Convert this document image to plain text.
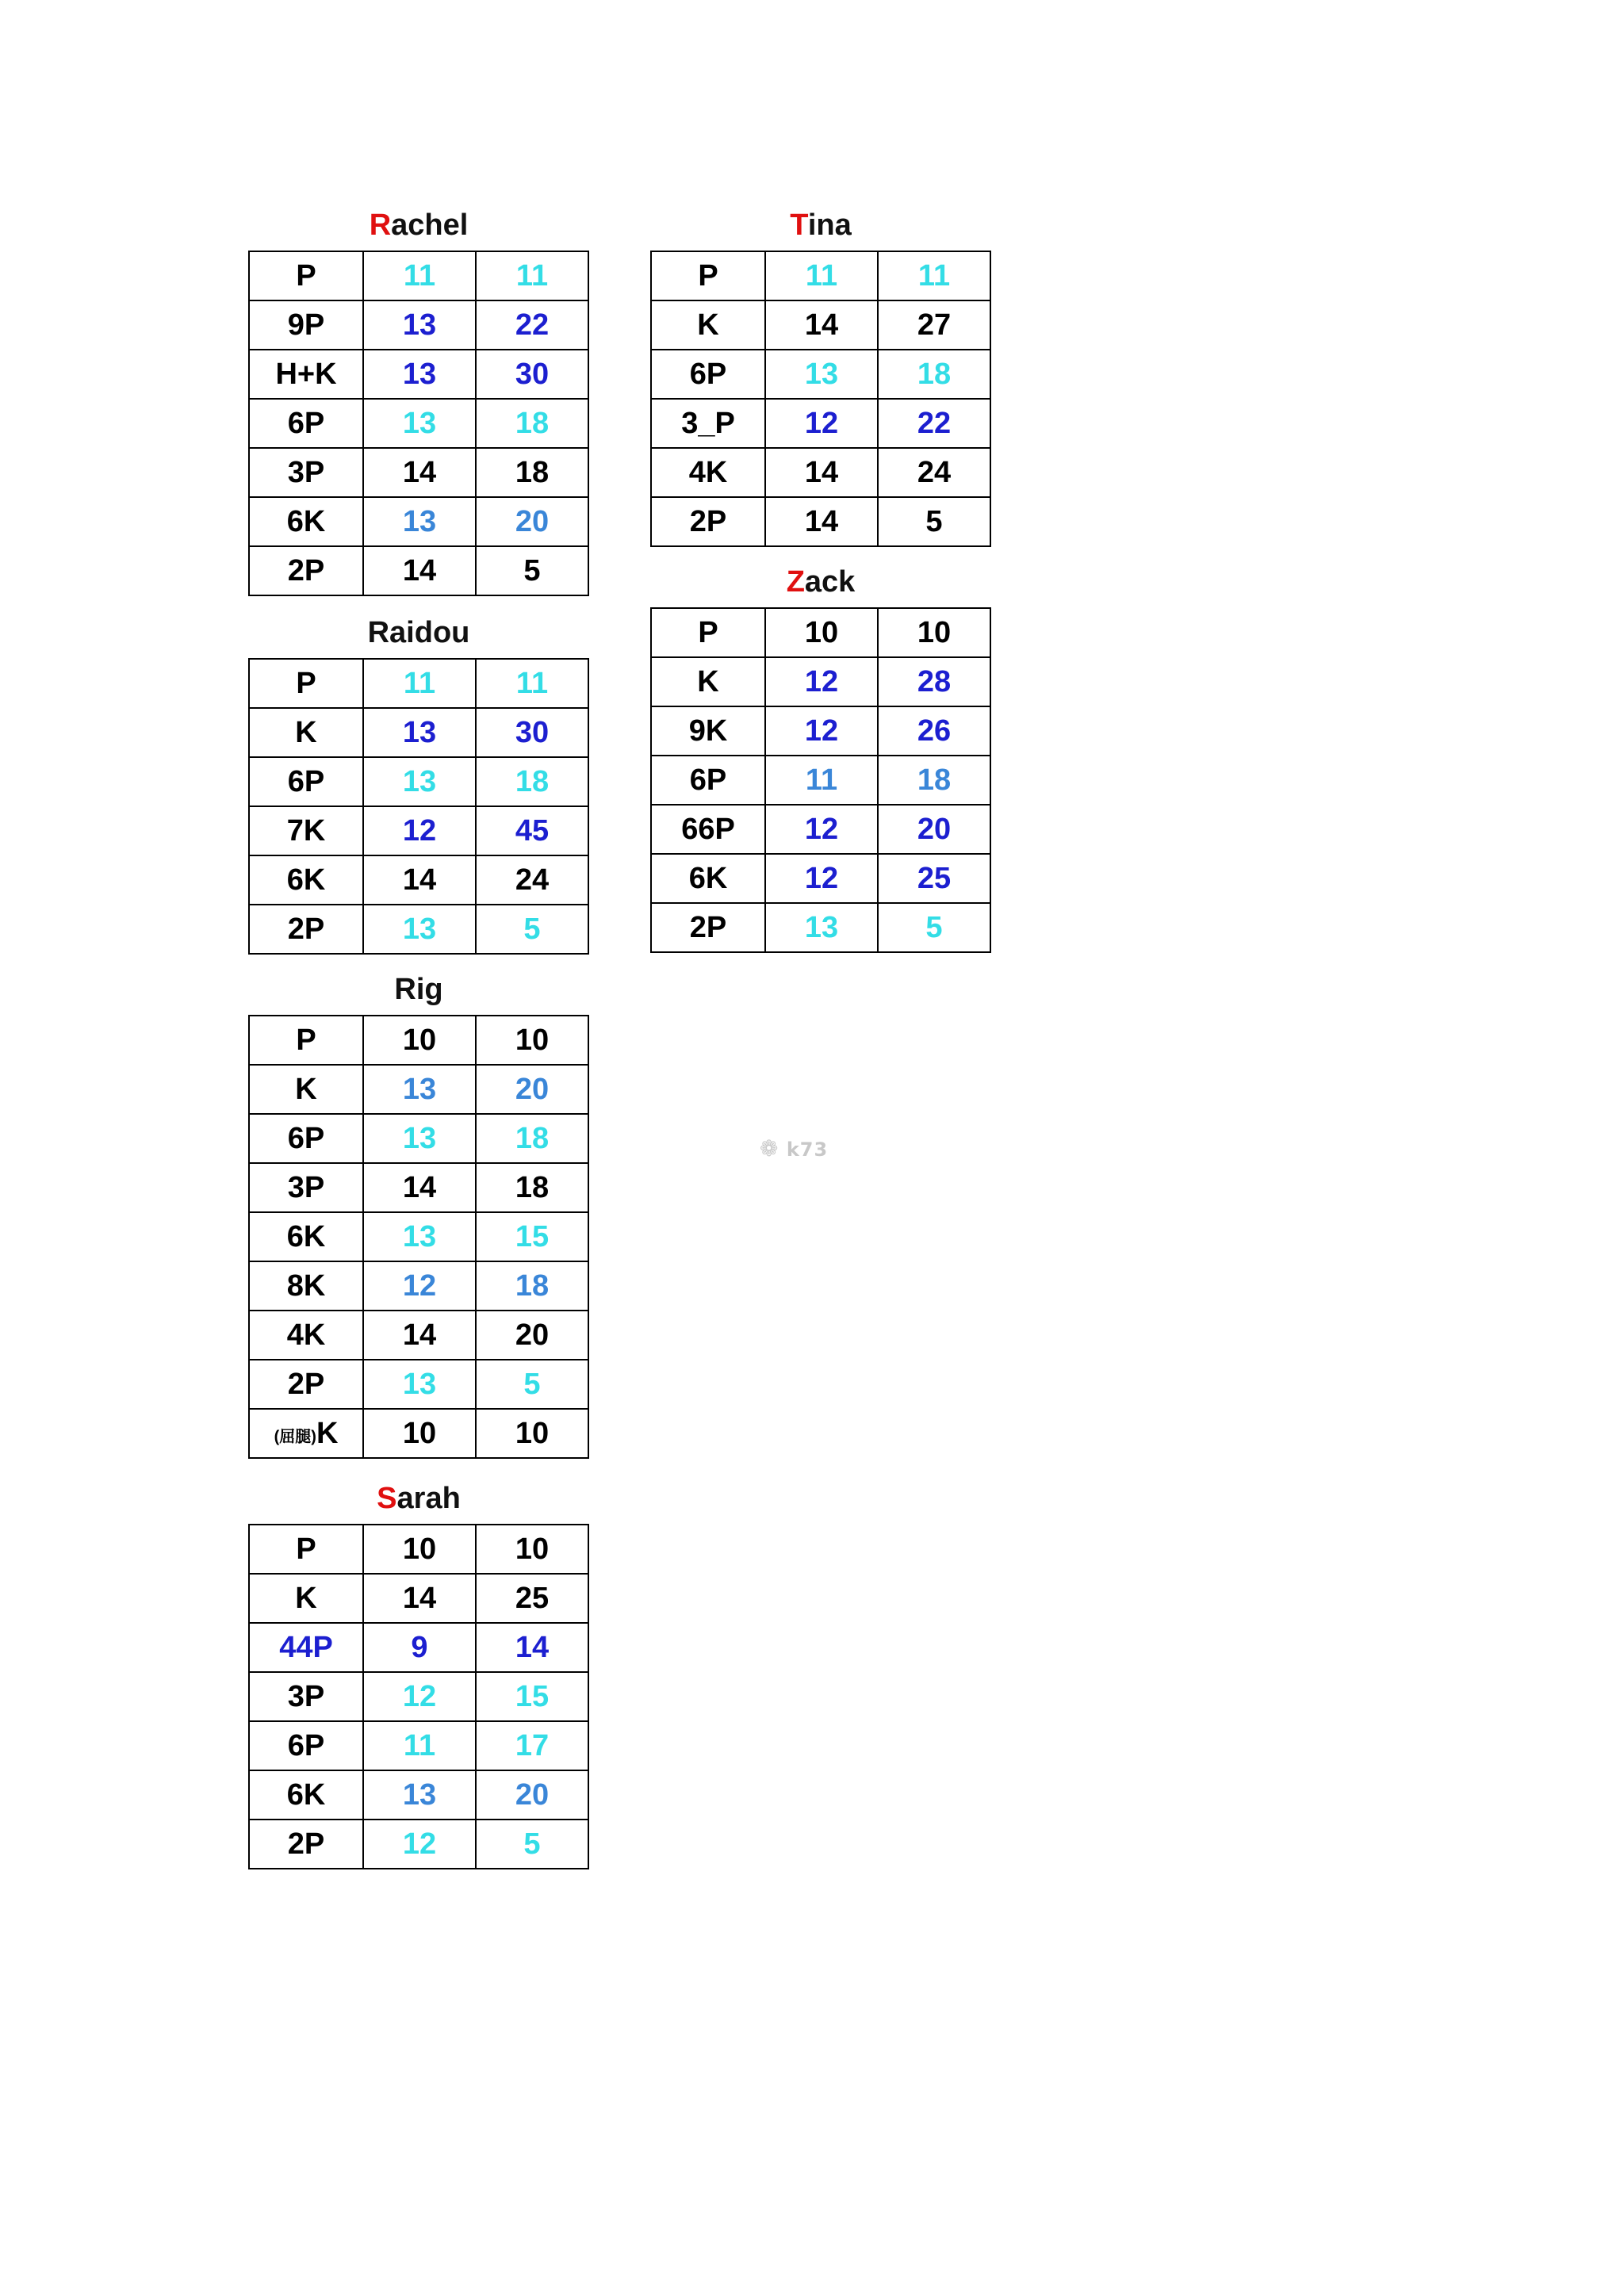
Rachel
P	11	11
9P	13	22
H+K	13	30
6P	13	18
3P	14	18
6K	13	20
2P	14	5
Raidou
P	11	11
K	13	30
6P	13	18
7K	12	45
6K	14	24
2P	13	5
Rig
P	10	10
K	13	20
6P	13	18
3P	14	18
6K	13	15
8K	12	18
4K	14	20
2P	13	5
(屈腿)K	10	10
Sarah
P	10	10
K	14	25
44P	9	14
3P	12	15
6P	11	17
6K	13	20
2P	12	5
Tina
P	11	11
K	14	27
6P	13	18
3_P	12	22
4K	14	24
2P	14	5
Zack
P	10	10
K	12	28
9K	12	26
6P	11	18
66P	12	20
6K	12	25
2P	13	5
❁ k73
